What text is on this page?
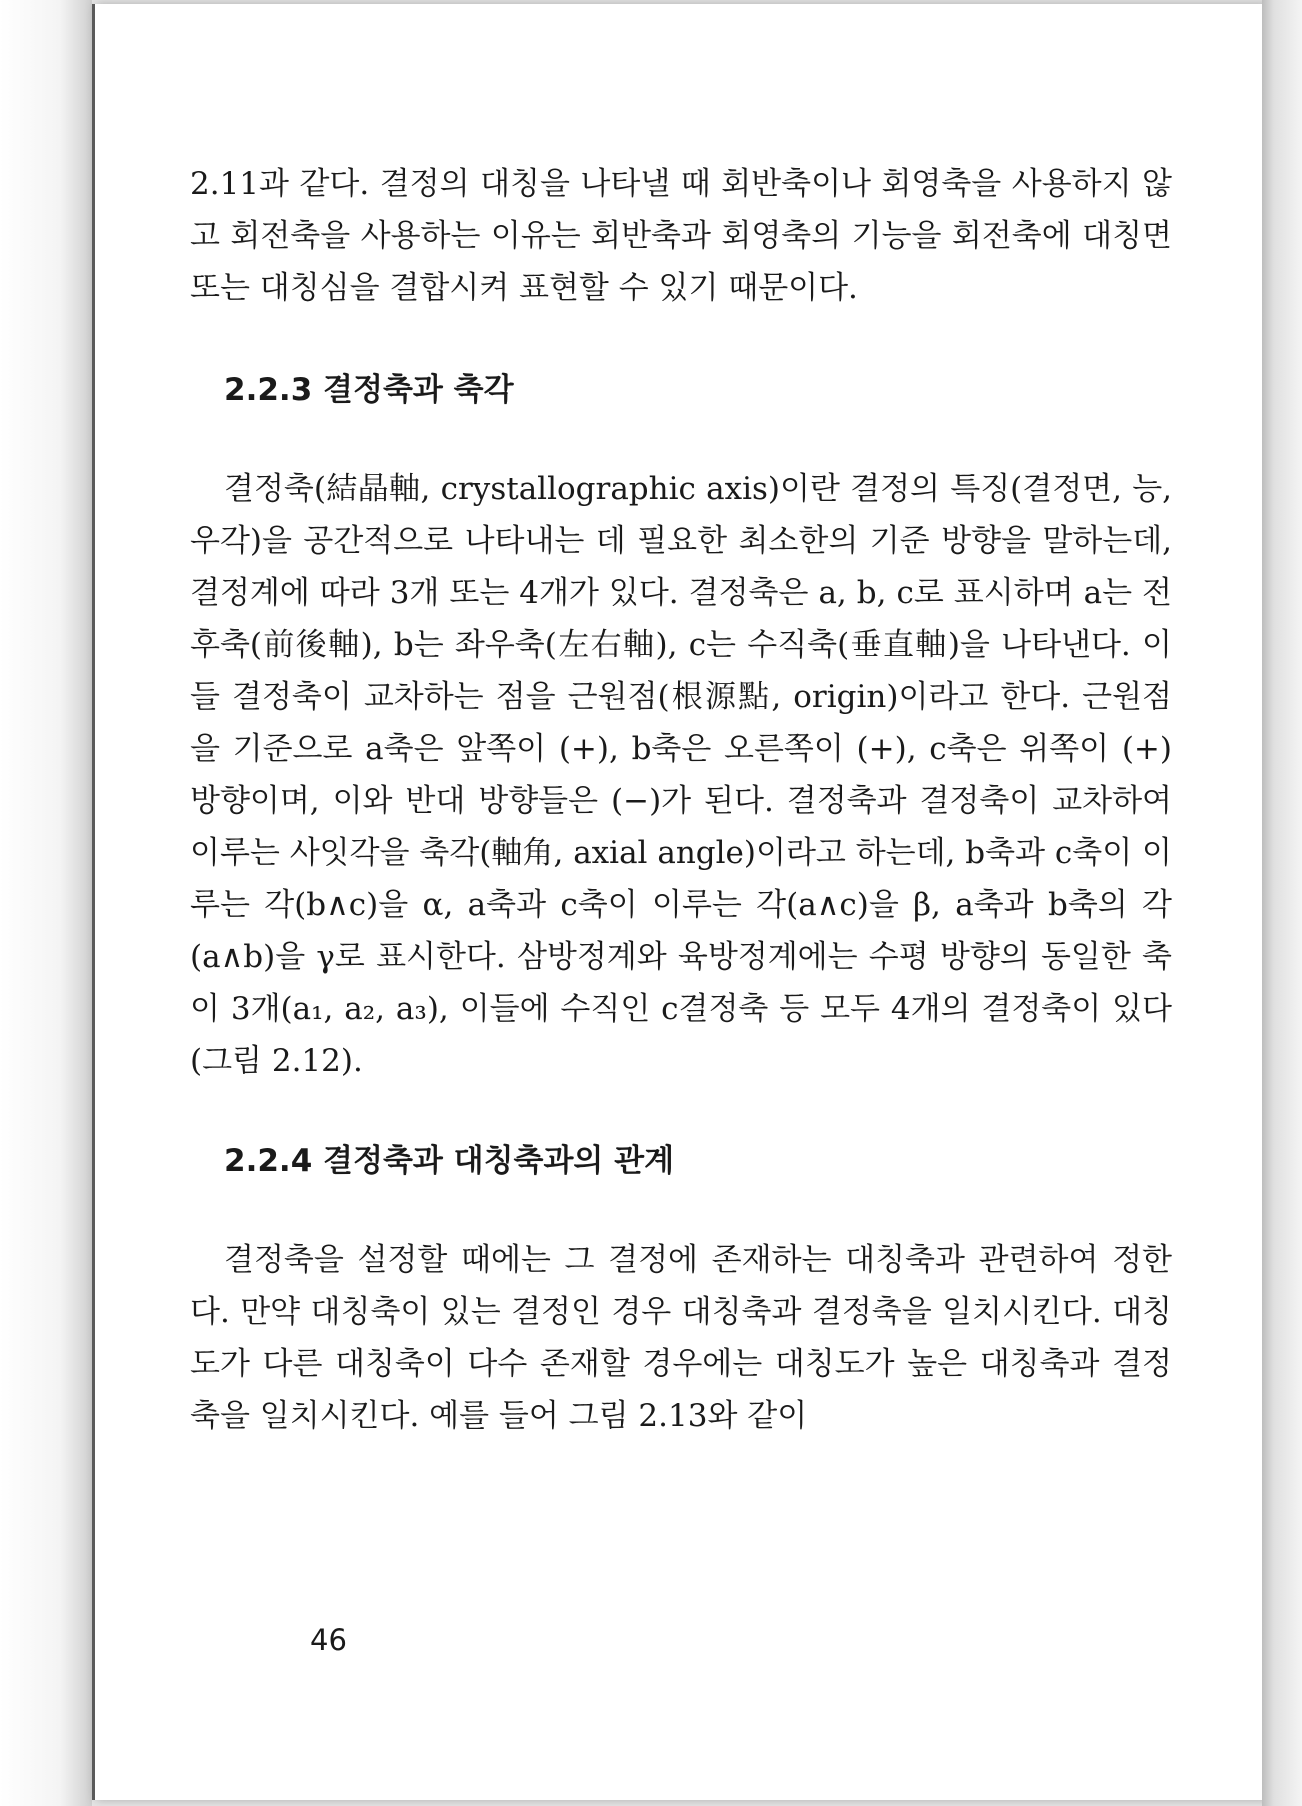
2.11과 같다. 결정의 대칭을 나타낼 때 회반축이나 회영축을 사용하지 않고 회전축을 사용하는 이유는 회반축과 회영축의 기능을 회전축에 대칭면 또는 대칭심을 결합시켜 표현할 수 있기 때문이다.

2.2.3 결정축과 축각

결정축(結晶軸, crystallographic axis)이란 결정의 특징(결정면, 능, 우각)을 공간적으로 나타내는 데 필요한 최소한의 기준 방향을 말하는데, 결정계에 따라 3개 또는 4개가 있다. 결정축은 a, b, c로 표시하며 a는 전후축(前後軸), b는 좌우축(左右軸), c는 수직축(垂直軸)을 나타낸다. 이들 결정축이 교차하는 점을 근원점(根源點, origin)이라고 한다. 근원점을 기준으로 a축은 앞쪽이 (+), b축은 오른쪽이 (+), c축은 위쪽이 (+) 방향이며, 이와 반대 방향들은 (−)가 된다. 결정축과 결정축이 교차하여 이루는 사잇각을 축각(軸角, axial angle)이라고 하는데, b축과 c축이 이루는 각(b∧c)을 α, a축과 c축이 이루는 각(a∧c)을 β, a축과 b축의 각(a∧b)을 γ로 표시한다. 삼방정계와 육방정계에는 수평 방향의 동일한 축이 3개(a₁, a₂, a₃), 이들에 수직인 c결정축 등 모두 4개의 결정축이 있다(그림 2.12).

2.2.4 결정축과 대칭축과의 관계

결정축을 설정할 때에는 그 결정에 존재하는 대칭축과 관련하여 정한다. 만약 대칭축이 있는 결정인 경우 대칭축과 결정축을 일치시킨다. 대칭도가 다른 대칭축이 다수 존재할 경우에는 대칭도가 높은 대칭축과 결정축을 일치시킨다. 예를 들어 그림 2.13와 같이

46
